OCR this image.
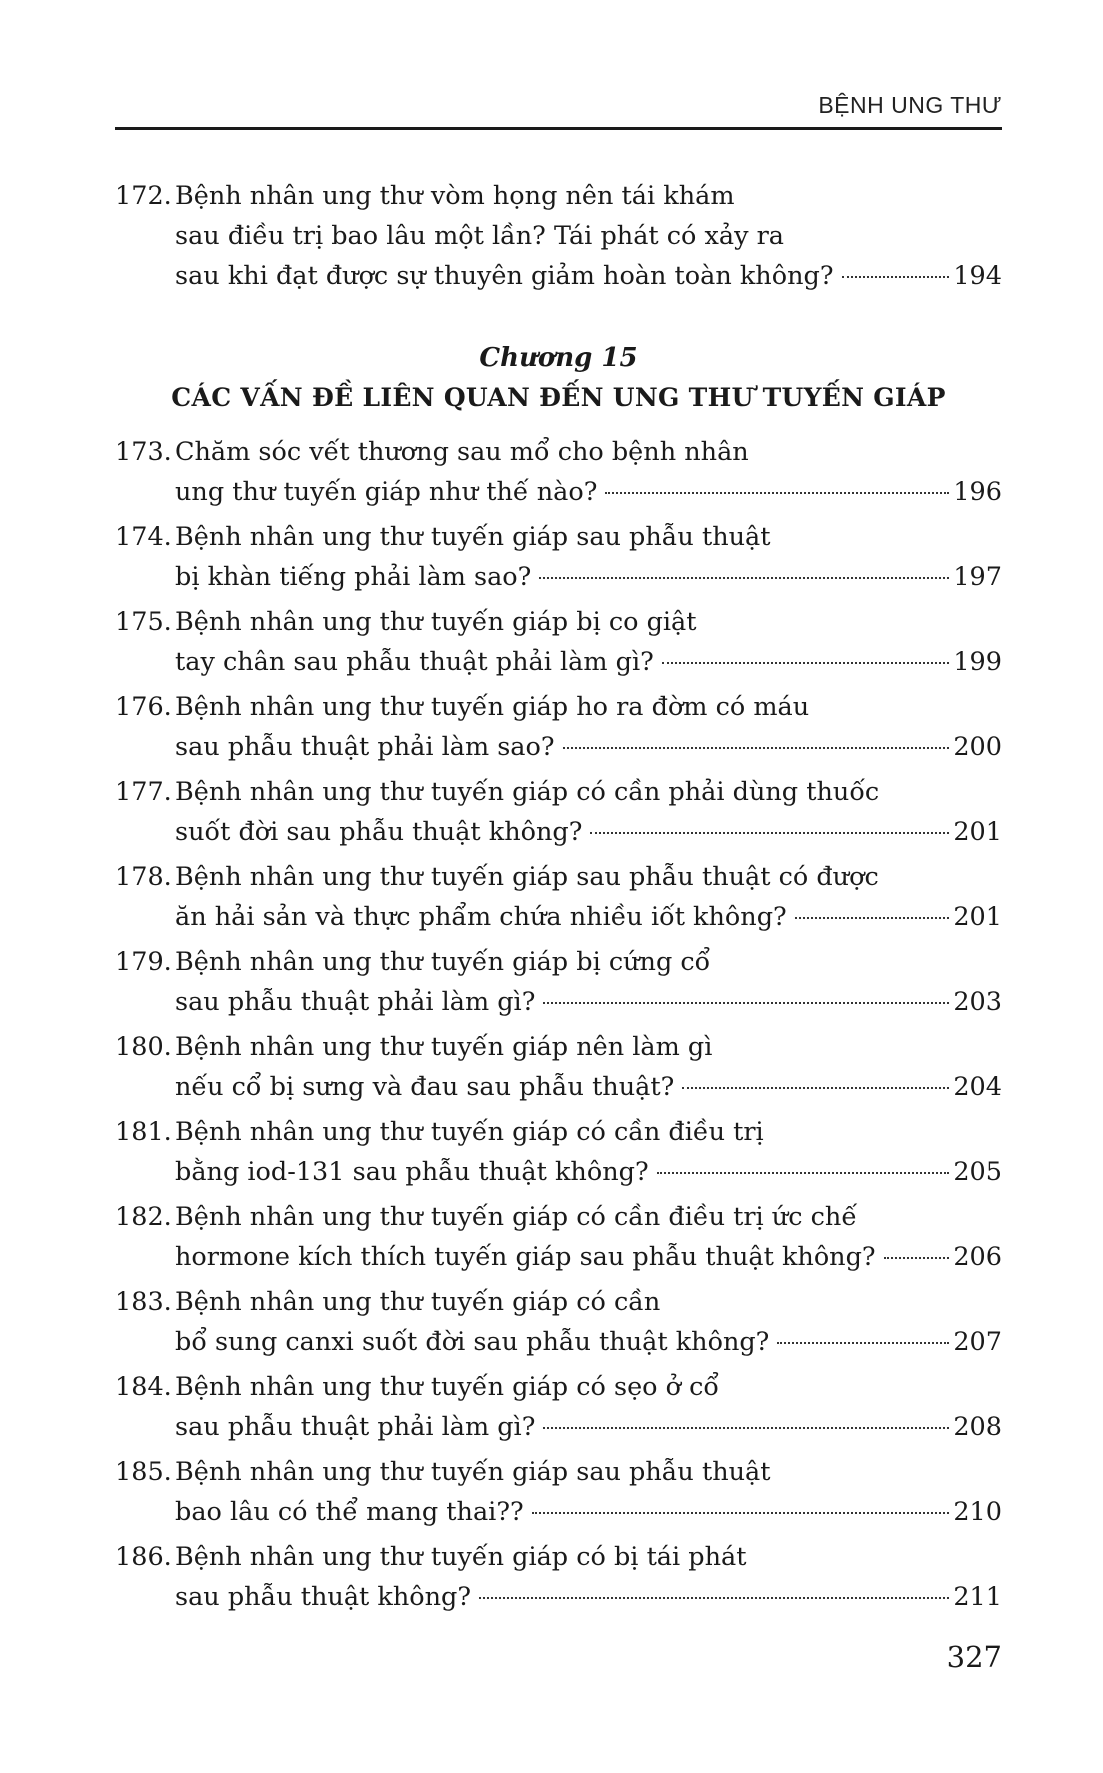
BỆNH UNG THƯ
172. Bệnh nhân ung thư vòm họng nên tái khám
sau điều trị bao lâu một lần? Tái phát có xảy ra
sau khi đạt được sự thuyên giảm hoàn toàn không?	194
Chương 15
CÁC VẤN ĐỀ LIÊN QUAN ĐẾN UNG THƯ TUYẾN GIÁP
173. Chăm sóc vết thương sau mổ cho bệnh nhân
ung thư tuyến giáp như thế nào?	196
174. Bệnh nhân ung thư tuyến giáp sau phẫu thuật
bị khàn tiếng phải làm sao?	197
175. Bệnh nhân ung thư tuyến giáp bị co giật
tay chân sau phẫu thuật phải làm gì?	199
176. Bệnh nhân ung thư tuyến giáp ho ra đờm có máu
sau phẫu thuật phải làm sao?	200
177. Bệnh nhân ung thư tuyến giáp có cần phải dùng thuốc
suốt đời sau phẫu thuật không?	201
178. Bệnh nhân ung thư tuyến giáp sau phẫu thuật có được
ăn hải sản và thực phẩm chứa nhiều iốt không?	201
179. Bệnh nhân ung thư tuyến giáp bị cứng cổ
sau phẫu thuật phải làm gì?	203
180. Bệnh nhân ung thư tuyến giáp nên làm gì
nếu cổ bị sưng và đau sau phẫu thuật?	204
181. Bệnh nhân ung thư tuyến giáp có cần điều trị
bằng iod-131 sau phẫu thuật không?	205
182. Bệnh nhân ung thư tuyến giáp có cần điều trị ức chế
hormone kích thích tuyến giáp sau phẫu thuật không?	206
183. Bệnh nhân ung thư tuyến giáp có cần
bổ sung canxi suốt đời sau phẫu thuật không?	207
184. Bệnh nhân ung thư tuyến giáp có sẹo ở cổ
sau phẫu thuật phải làm gì?	208
185. Bệnh nhân ung thư tuyến giáp sau phẫu thuật
bao lâu có thể mang thai??	210
186. Bệnh nhân ung thư tuyến giáp có bị tái phát
sau phẫu thuật không?	211
327
